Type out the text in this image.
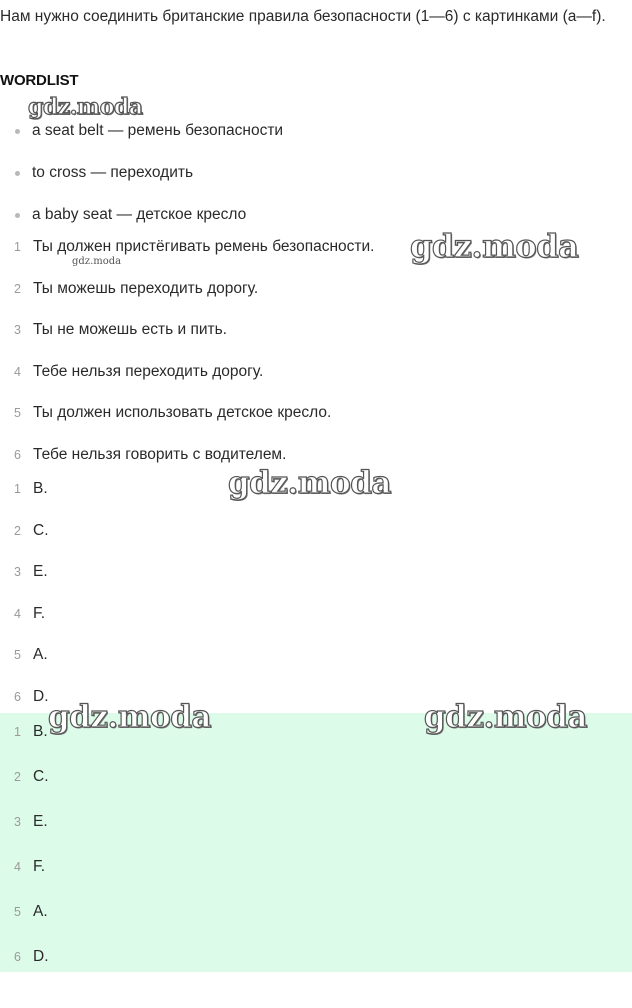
Нам нужно соединить британские правила безопасности (1—6) с картинками (a—f).
WORDLIST
a seat belt — ремень безопасности
to cross — переходить
a baby seat — детское кресло
1 Ты должен пристёгивать ремень безопасности.
2 Ты можешь переходить дорогу.
3 Ты не можешь есть и пить.
4 Тебе нельзя переходить дорогу.
5 Ты должен использовать детское кресло.
6 Тебе нельзя говорить с водителем.
1 B.
2 C.
3 E.
4 F.
5 A.
6 D.
1 B.
2 C.
3 E.
4 F.
5 A.
6 D.
gdz.moda
gdz.moda	gdz.moda
gdz.moda
gdz.moda	gdz.moda
